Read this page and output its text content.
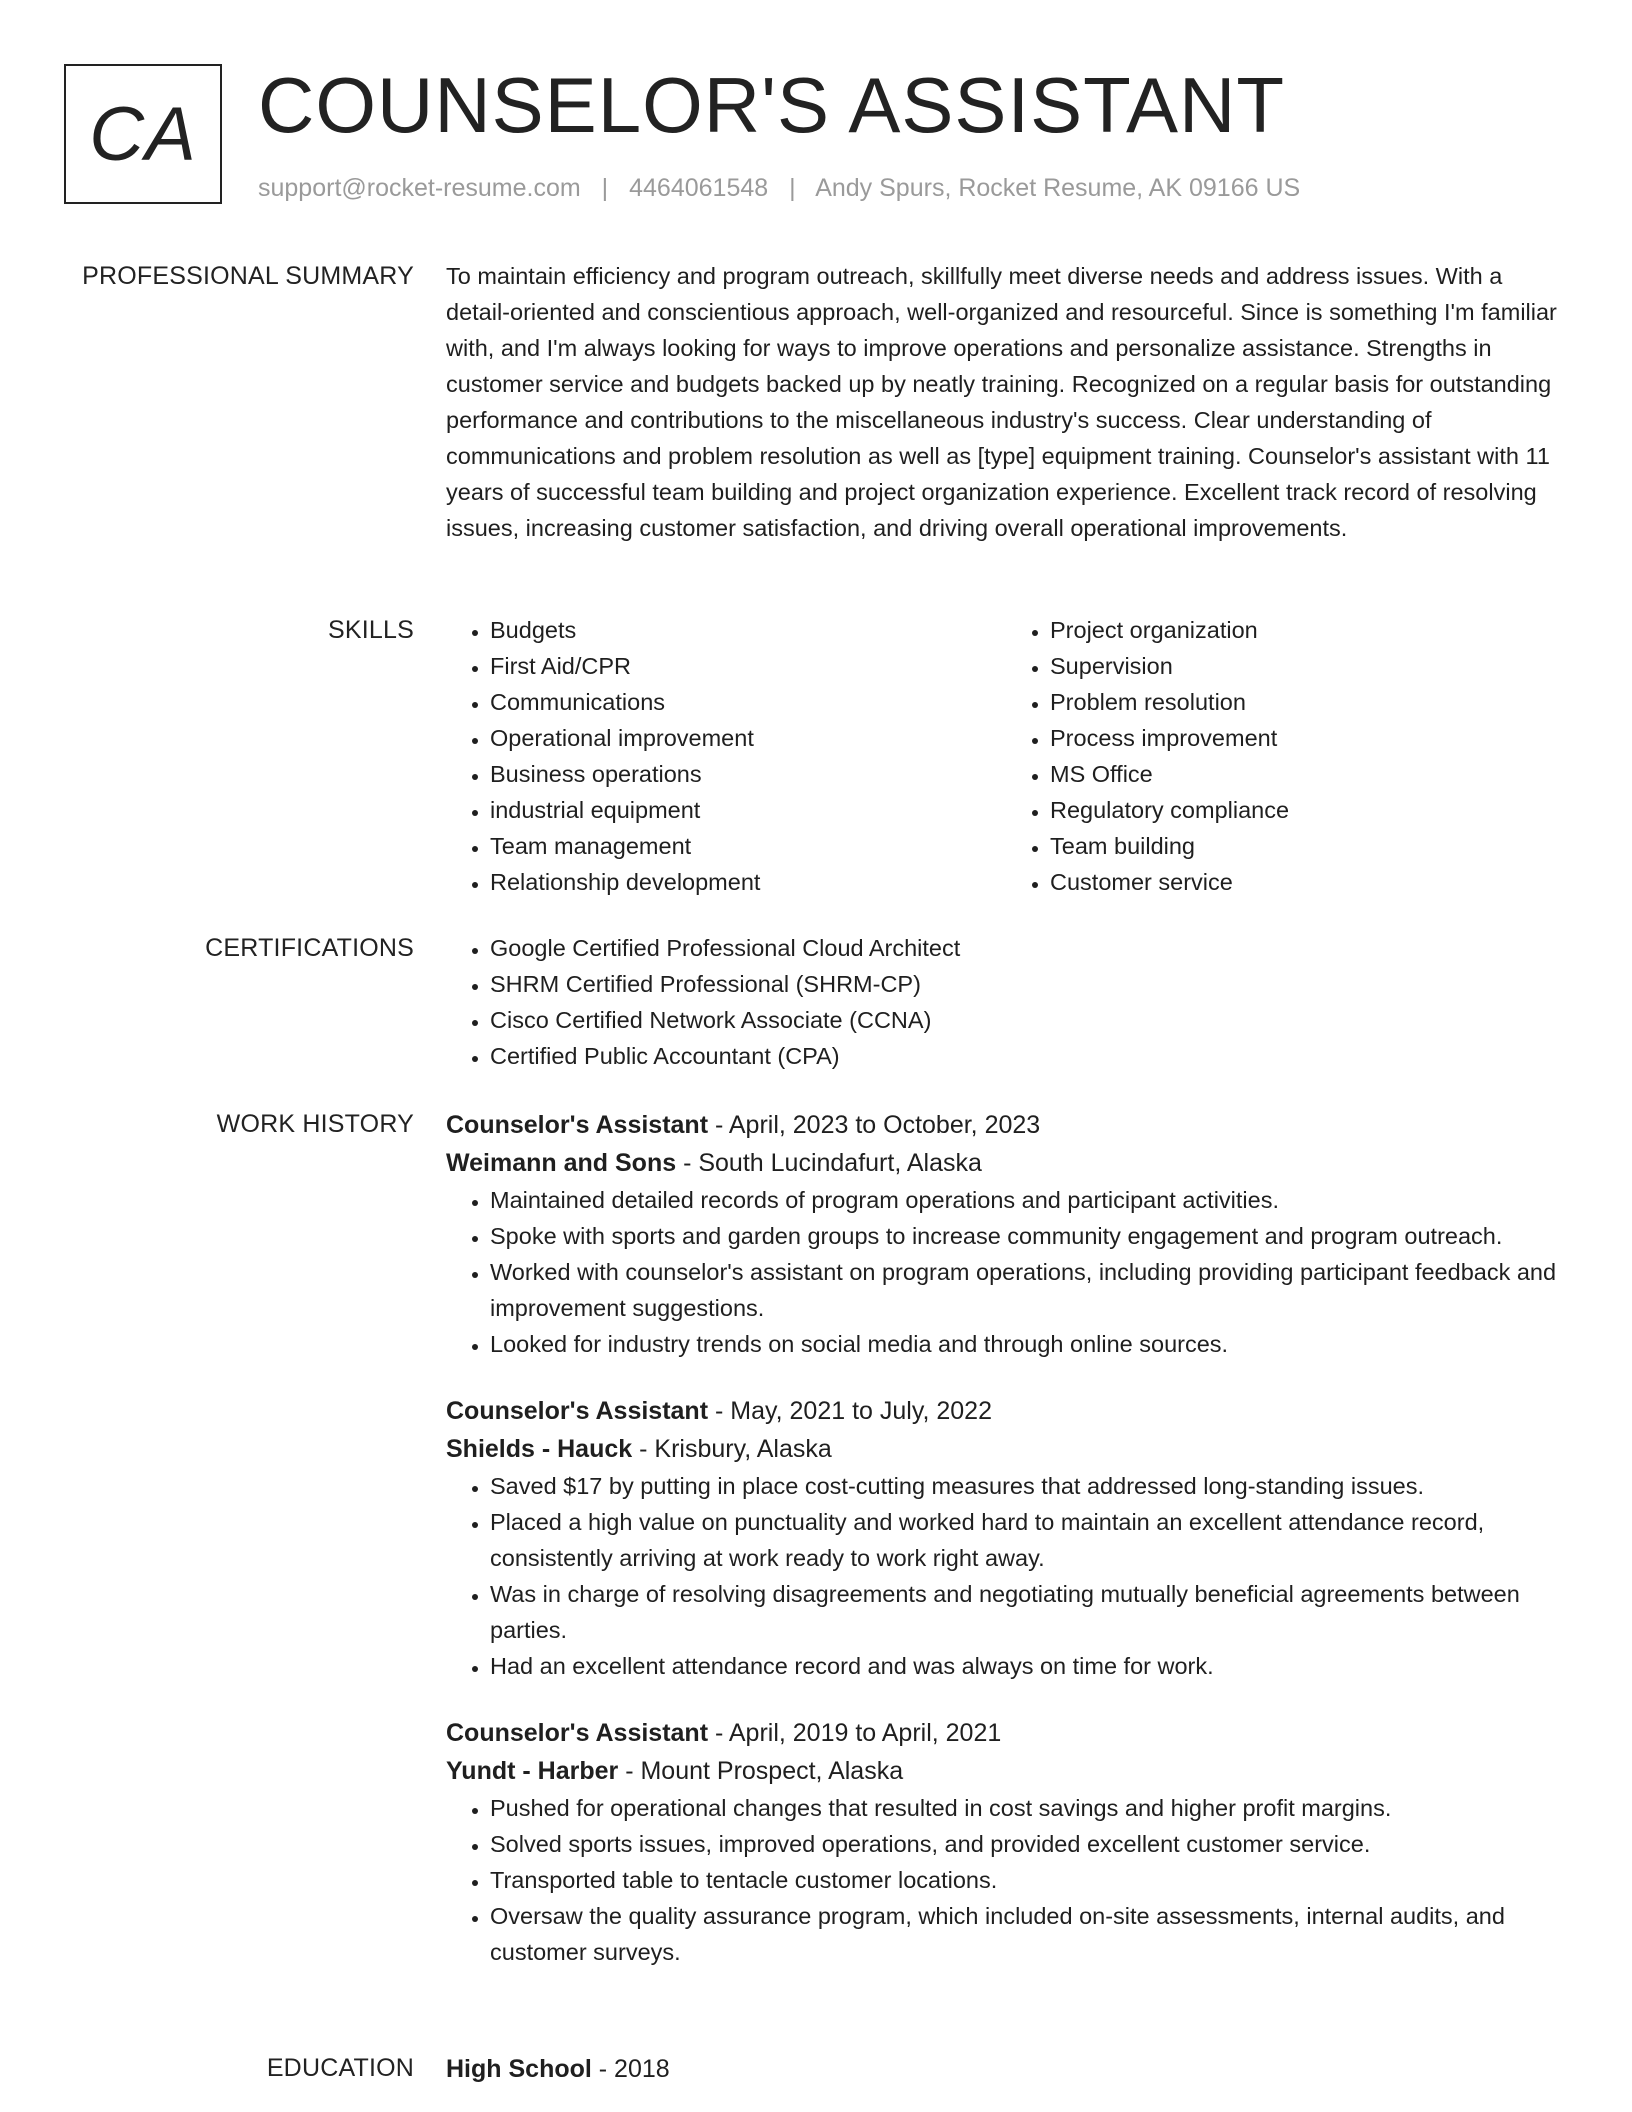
CA COUNSELOR'S ASSISTANT
support@rocket-resume.com | 4464061548 | Andy Spurs, Rocket Resume, AK 09166 US
PROFESSIONAL SUMMARY To maintain efficiency and program outreach, skillfully meet diverse needs and address issues. With a detail-oriented and conscientious approach, well-organized and resourceful. Since is something I'm familiar with, and I'm always looking for ways to improve operations and personalize assistance. Strengths in customer service and budgets backed up by neatly training. Recognized on a regular basis for outstanding performance and contributions to the miscellaneous industry's success. Clear understanding of communications and problem resolution as well as [type] equipment training. Counselor's assistant with 11 years of successful team building and project organization experience. Excellent track record of resolving issues, increasing customer satisfaction, and driving overall operational improvements.

SKILLS	• Budgets
• First Aid/CPR
• Communications
• Operational improvement
• Business operations
• industrial equipment
• Team management
• Relationship development
• Project organization
• Supervision
• Problem resolution
• Process improvement
• MS Office
• Regulatory compliance
• Team building
• Customer service
CERTIFICATIONS	• Google Certified Professional Cloud Architect
• SHRM Certified Professional (SHRM-CP)
• Cisco Certified Network Associate (CCNA)
• Certified Public Accountant (CPA)
WORK HISTORY Counselor's Assistant - April, 2023 to October, 2023
Weimann and Sons - South Lucindafurt, Alaska
• Maintained detailed records of program operations and participant activities.
• Spoke with sports and garden groups to increase community engagement and program outreach.
• Worked with counselor's assistant on program operations, including providing participant feedback and improvement suggestions.
• Looked for industry trends on social media and through online sources.
Counselor's Assistant - May, 2021 to July, 2022
Shields - Hauck - Krisbury, Alaska
• Saved $17 by putting in place cost-cutting measures that addressed long-standing issues.
• Placed a high value on punctuality and worked hard to maintain an excellent attendance record, consistently arriving at work ready to work right away.
• Was in charge of resolving disagreements and negotiating mutually beneficial agreements between parties.
• Had an excellent attendance record and was always on time for work.
Counselor's Assistant - April, 2019 to April, 2021
Yundt - Harber - Mount Prospect, Alaska
• Pushed for operational changes that resulted in cost savings and higher profit margins.
• Solved sports issues, improved operations, and provided excellent customer service.
• Transported table to tentacle customer locations.
• Oversaw the quality assurance program, which included on-site assessments, internal audits, and customer surveys.
EDUCATION High School - 2018
